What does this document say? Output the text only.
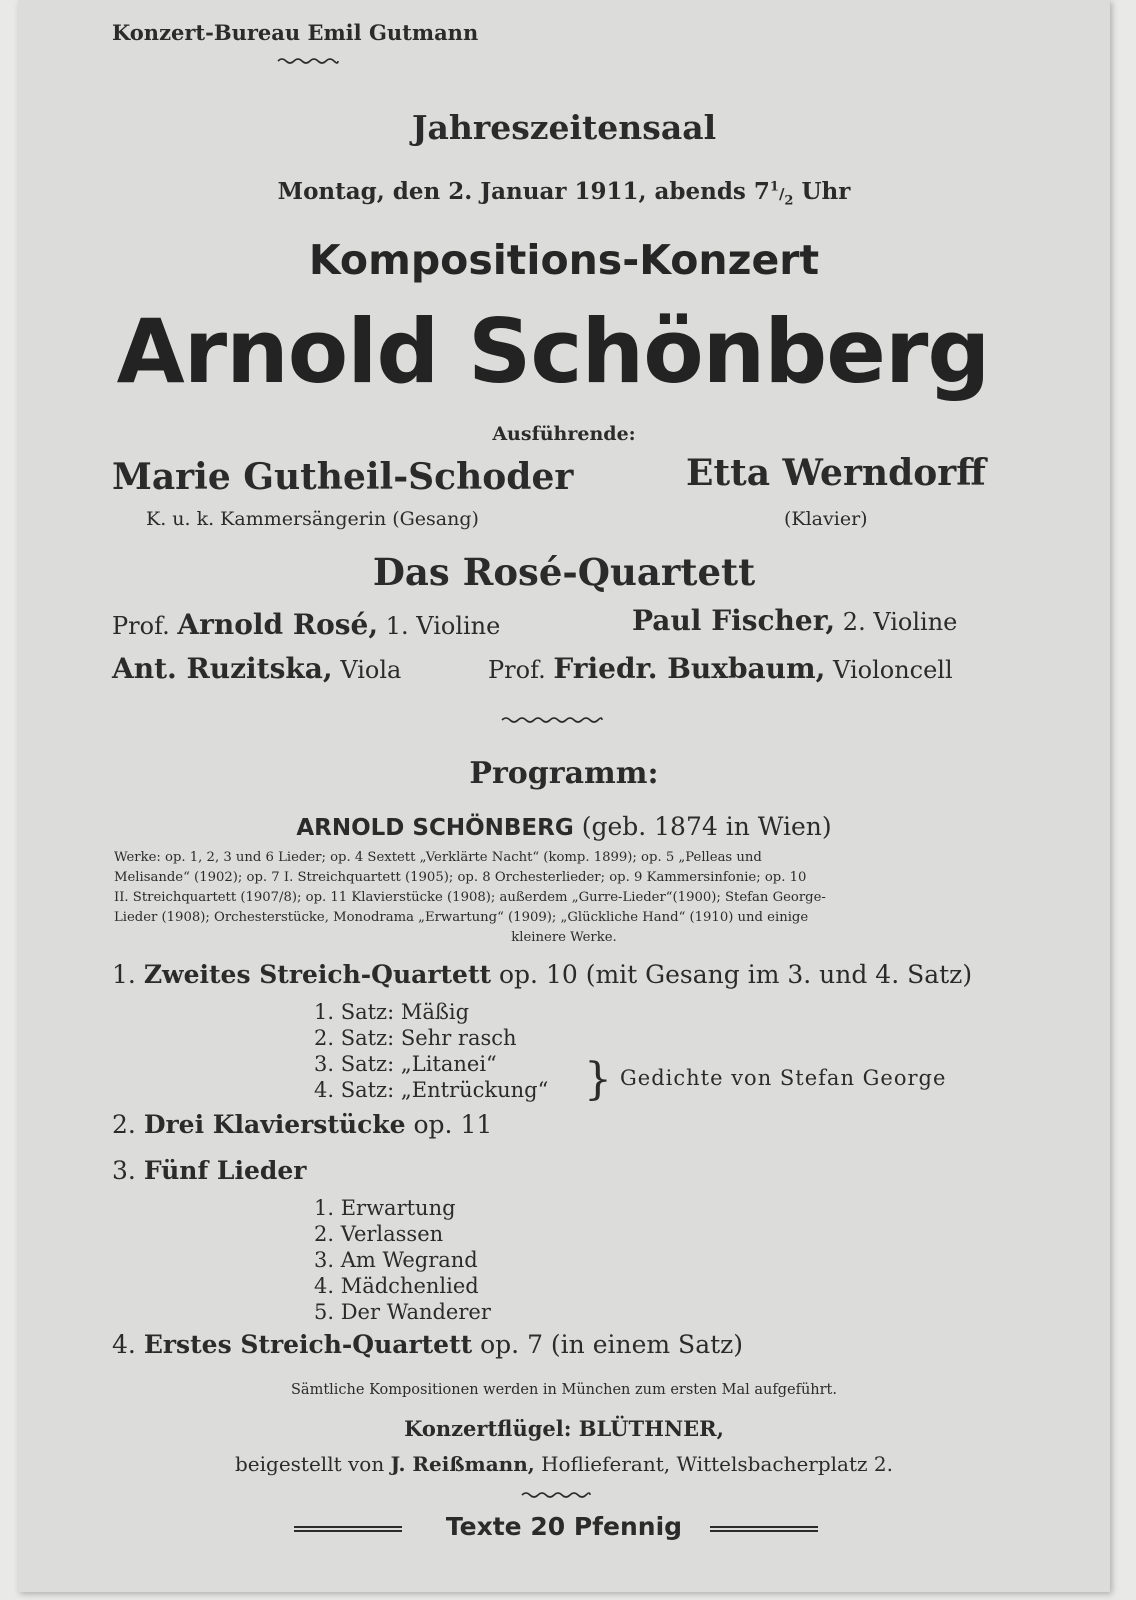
Konzert-Bureau Emil Gutmann
Jahreszeitensaal
Montag, den 2. Januar 1911, abends $7^1/_2$ Uhr
Kompositions-Konzert
Arnold Schönberg
Ausführende:
Marie Gutheil-Schoder
K. u. k. Kammersängerin (Gesang)
Etta Werndorff
(Klavier)
Das Rosé-Quartett
Prof. Arnold Rosé, 1. Violine	Paul Fischer, 2. Violine
Ant. Ruzitska, Viola	Prof. Friedr. Buxbaum, Violoncell
Programm:
ARNOLD SCHÖNBERG (geb. 1874 in Wien)
Werke: op. 1, 2, 3 und 6 Lieder; op. 4 Sextett „Verklärte Nacht“ (komp. 1899); op. 5 „Pelleas und
Melisande“ (1902); op. 7 I. Streichquartett (1905); op. 8 Orchesterlieder; op. 9 Kammersinfonie; op. 10
II. Streichquartett (1907/8); op. 11 Klavierstücke (1908); außerdem „Gurre-Lieder“(1900); Stefan George-
Lieder (1908); Orchesterstücke, Monodrama „Erwartung“ (1909); „Glückliche Hand“ (1910) und einige
kleinere Werke.
1. Zweites Streich-Quartett op. 10 (mit Gesang im 3. und 4. Satz)
1. Satz: Mäßig
2. Satz: Sehr rasch
3. Satz: „Litanei“
4. Satz: „Entrückung“ } Gedichte von Stefan George
2. Drei Klavierstücke op. 11
3. Fünf Lieder
1. Erwartung
2. Verlassen
3. Am Wegrand
4. Mädchenlied
5. Der Wanderer
4. Erstes Streich-Quartett op. 7 (in einem Satz)
Sämtliche Kompositionen werden in München zum ersten Mal aufgeführt.
Konzertflügel: BLÜTHNER,
beigestellt von J. Reißmann, Hoflieferant, Wittelsbacherplatz 2.
Texte 20 Pfennig
